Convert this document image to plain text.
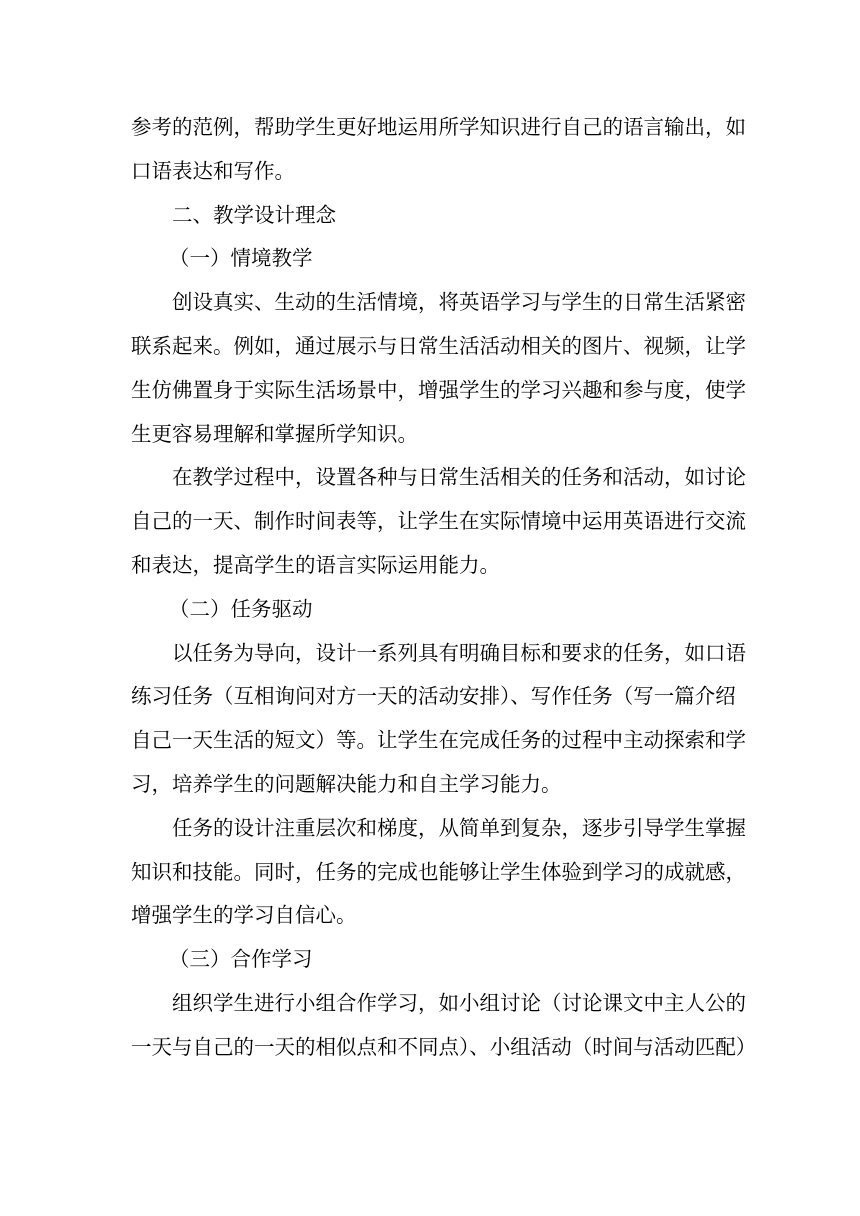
参考的范例，帮助学生更好地运用所学知识进行自己的语言输出，如
口语表达和写作。
二、教学设计理念
（一）情境教学
创设真实、生动的生活情境，将英语学习与学生的日常生活紧密
联系起来。例如，通过展示与日常生活活动相关的图片、视频，让学
生仿佛置身于实际生活场景中，增强学生的学习兴趣和参与度，使学
生更容易理解和掌握所学知识。
在教学过程中，设置各种与日常生活相关的任务和活动，如讨论
自己的一天、制作时间表等，让学生在实际情境中运用英语进行交流
和表达，提高学生的语言实际运用能力。
（二）任务驱动
以任务为导向，设计一系列具有明确目标和要求的任务，如口语
练习任务（互相询问对方一天的活动安排）、写作任务（写一篇介绍
自己一天生活的短文）等。让学生在完成任务的过程中主动探索和学
习，培养学生的问题解决能力和自主学习能力。
任务的设计注重层次和梯度，从简单到复杂，逐步引导学生掌握
知识和技能。同时，任务的完成也能够让学生体验到学习的成就感，
增强学生的学习自信心。
（三）合作学习
组织学生进行小组合作学习，如小组讨论（讨论课文中主人公的
一天与自己的一天的相似点和不同点）、小组活动（时间与活动匹配）
